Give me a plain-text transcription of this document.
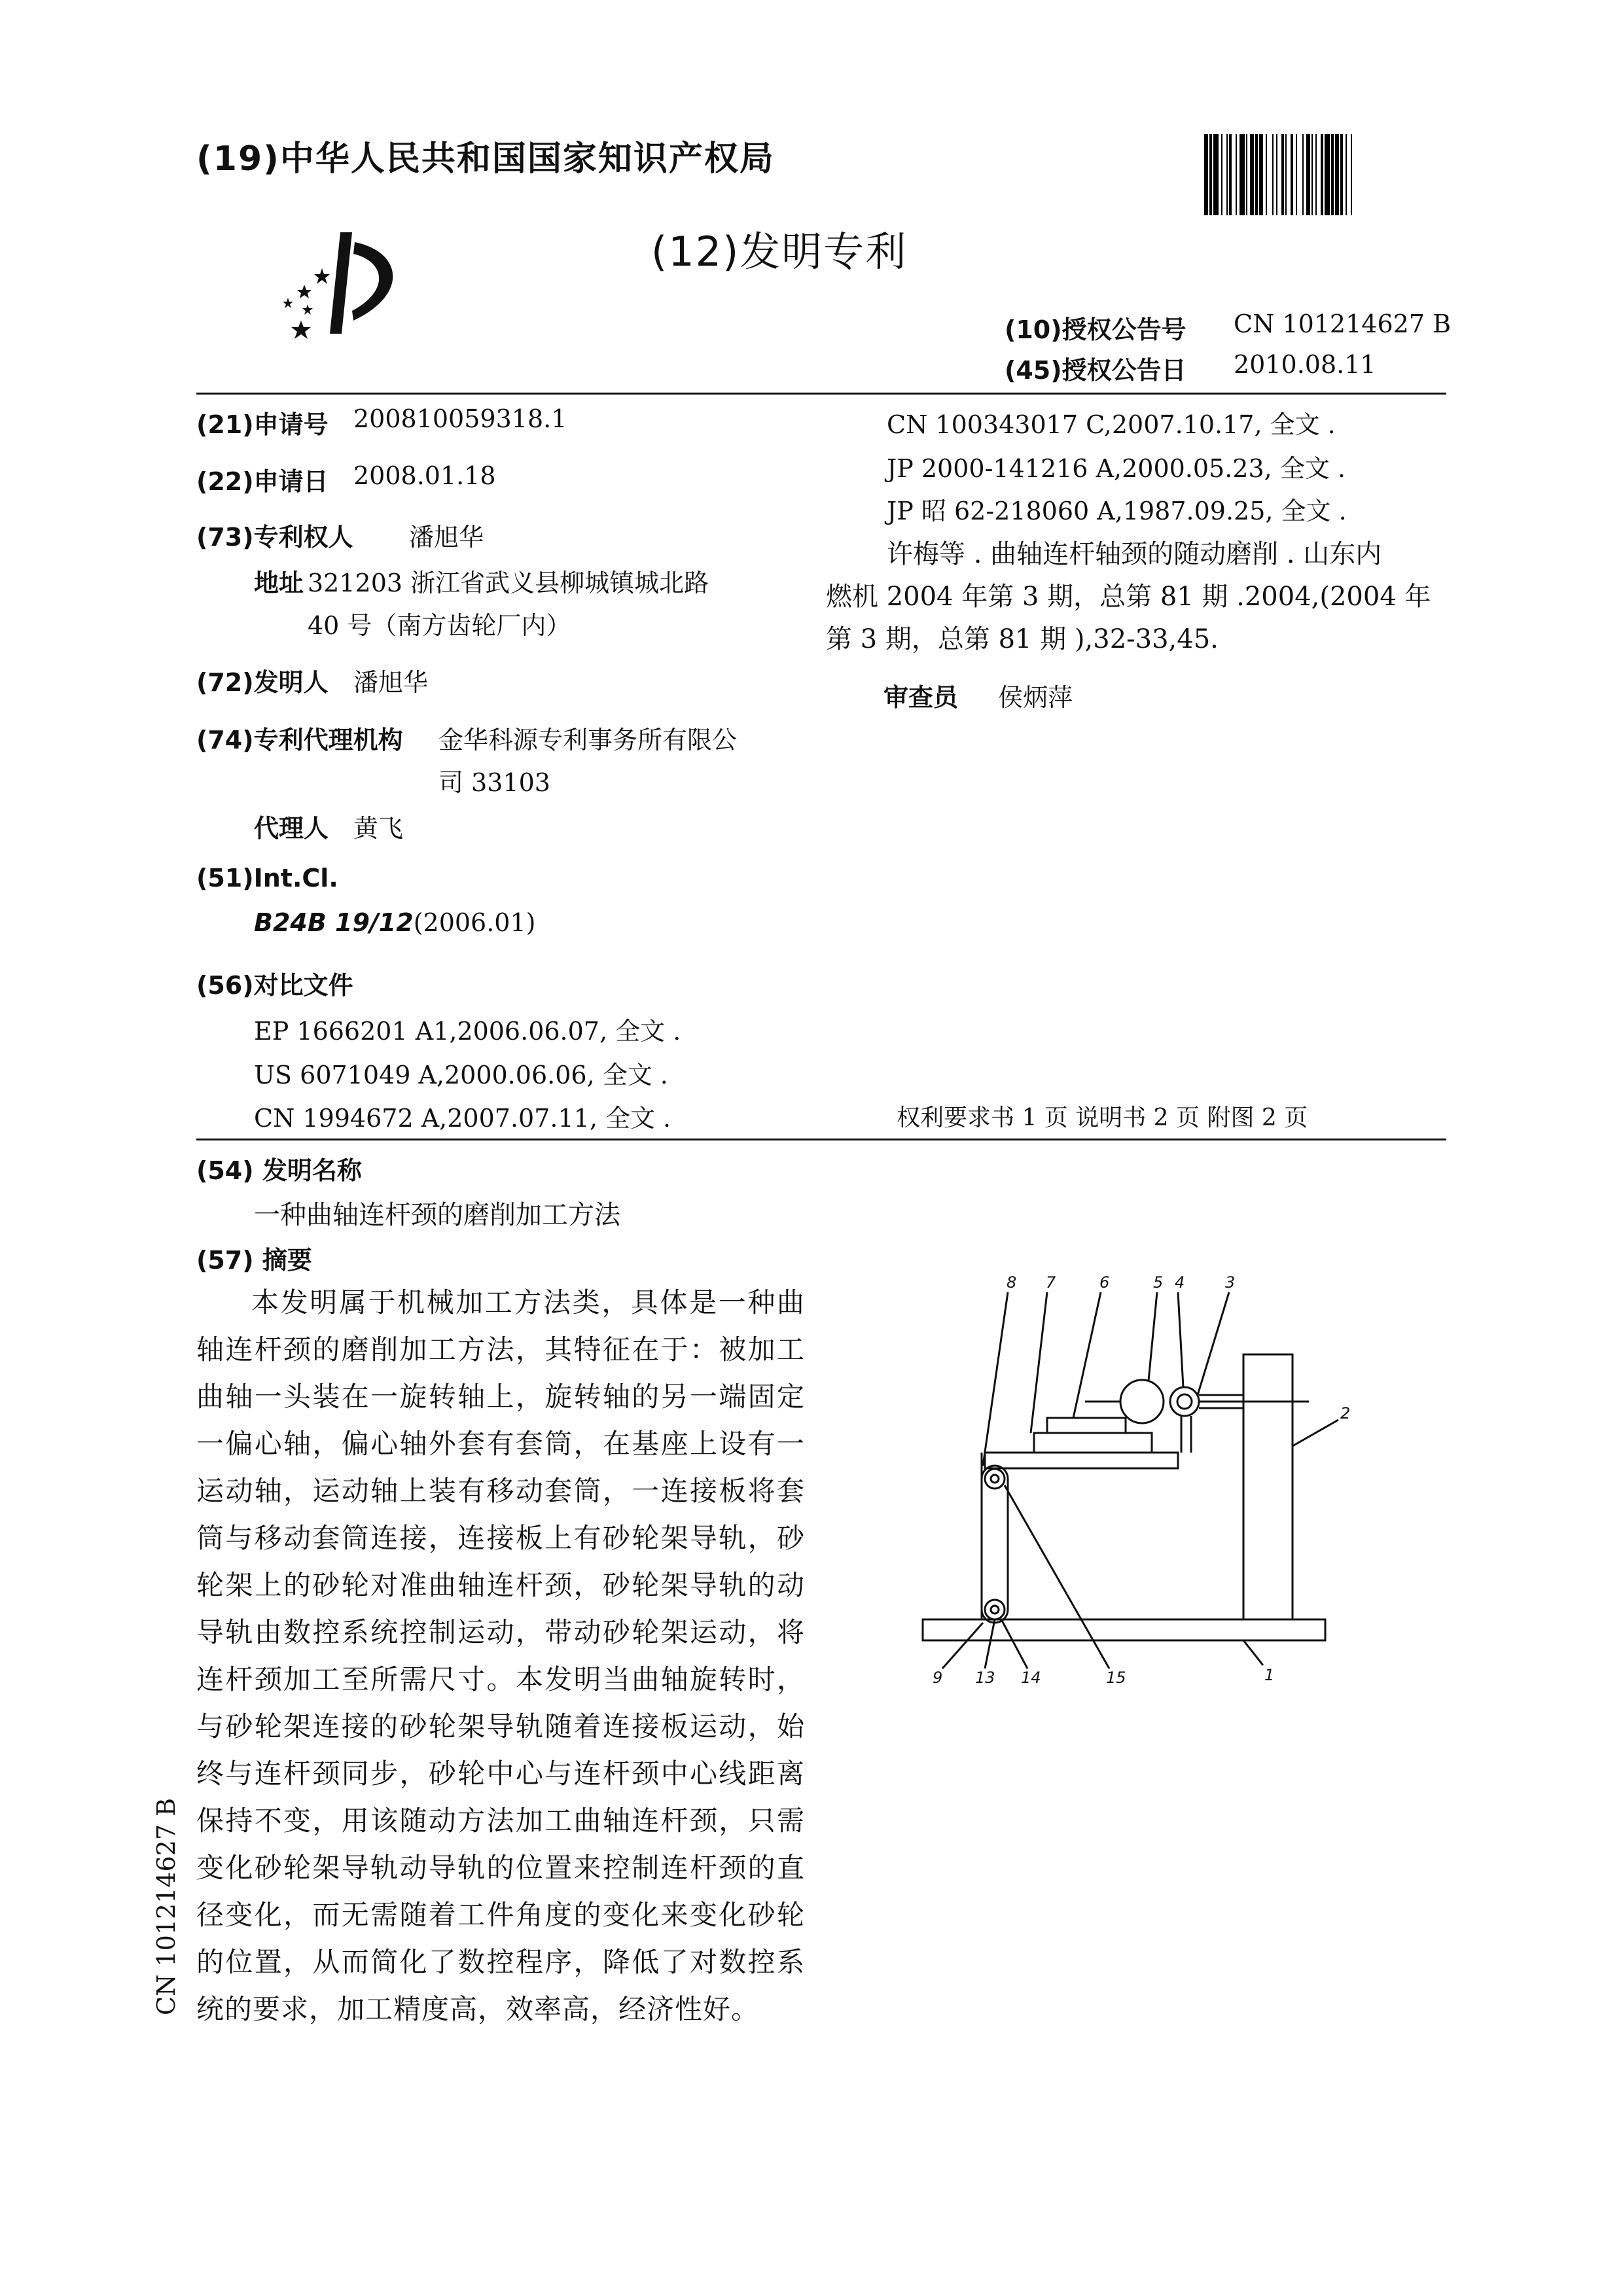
(19)中华人民共和国国家知识产权局
(12)发明专利
(10)授权公告号 CN 101214627 B
(45)授权公告日 2010.08.11
(21)申请号 200810059318.1
(22)申请日 2008.01.18
(73)专利权人 潘旭华
地址 321203 浙江省武义县柳城镇城北路
40 号（南方齿轮厂内）
(72)发明人 潘旭华
(74)专利代理机构 金华科源专利事务所有限公
司 33103
代理人 黄飞
(51)Int.Cl.
B24B 19/12(2006.01)
(56)对比文件
EP 1666201 A1,2006.06.07, 全文 .
US 6071049 A,2000.06.06, 全文 .
CN 1994672 A,2007.07.11, 全文 .
CN 100343017 C,2007.10.17, 全文 .
JP 2000-141216 A,2000.05.23, 全文 .
JP 昭 62-218060 A,1987.09.25, 全文 .
许梅等 . 曲轴连杆轴颈的随动磨削 . 山东内
燃机 2004 年第 3 期，总第 81 期 .2004,(2004 年
第 3 期，总第 81 期 ),32-33,45.
审查员 侯炳萍
权利要求书 1 页 说明书 2 页 附图 2 页
(54) 发明名称
一种曲轴连杆颈的磨削加工方法
(57) 摘要

本发明属于机械加工方法类，具体是一种曲轴连杆颈的磨削加工方法，其特征在于：被加工曲轴一头装在一旋转轴上，旋转轴的另一端固定一偏心轴，偏心轴外套有套筒，在基座上设有一运动轴，运动轴上装有移动套筒，一连接板将套筒与移动套筒连接，连接板上有砂轮架导轨，砂轮架上的砂轮对准曲轴连杆颈，砂轮架导轨的动导轨由数控系统控制运动，带动砂轮架运动，将连杆颈加工至所需尺寸。本发明当曲轴旋转时，与砂轮架连接的砂轮架导轨随着连接板运动，始终与连杆颈同步，砂轮中心与连杆颈中心线距离保持不变，用该随动方法加工曲轴连杆颈，只需变化砂轮架导轨动导轨的位置来控制连杆颈的直径变化，而无需随着工件角度的变化来变化砂轮的位置，从而简化了数控程序，降低了对数控系统的要求，加工精度高，效率高，经济性好。

CN 101214627 B
8 7	6	5 4	3
2
1
9 13 14	15
